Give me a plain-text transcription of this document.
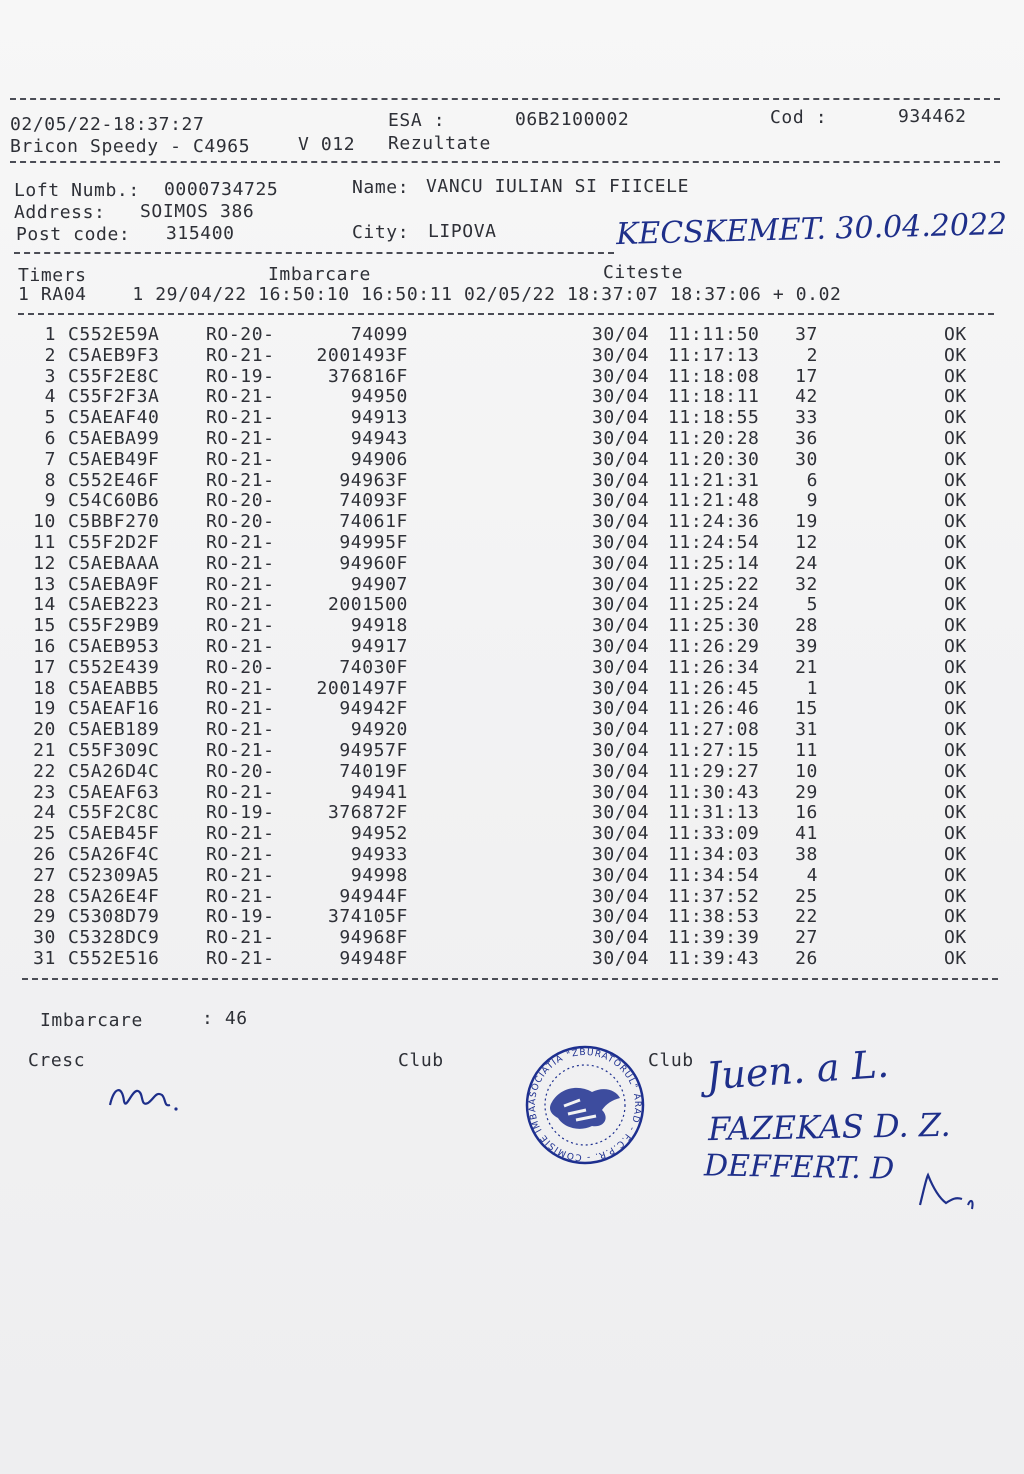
02/05/22-18:37:27	ESA :	06B2100002	Cod :	934462
Bricon Speedy - C4965	V 012 Rezultate
Loft Numb.: 0000734725	Name: VANCU IULIAN SI FIICELE
Address: SOIMOS 386
Post code: 315400	City: LIPOVA	KECSKEMET. 30.04.2022
Timers	Imbarcare	Citeste
1 RA04    1 29/04/22 16:50:10 16:50:11 02/05/22 18:37:07 18:37:06 + 0.02
1 C552E59A	RO-20-	74099	30/04 11:11:50	37	OK
2 C5AEB9F3	RO-21-	2001493F	30/04 11:17:13	2	OK
3 C55F2E8C	RO-19-	376816F	30/04 11:18:08	17	OK
4 C55F2F3A	RO-21-	94950	30/04 11:18:11	42	OK
5 C5AEAF40	RO-21-	94913	30/04 11:18:55	33	OK
6 C5AEBA99	RO-21-	94943	30/04 11:20:28	36	OK
7 C5AEB49F	RO-21-	94906	30/04 11:20:30	30	OK
8 C552E46F	RO-21-	94963F	30/04 11:21:31	6	OK
9 C54C60B6	RO-20-	74093F	30/04 11:21:48	9	OK
10 C5BBF270	RO-20-	74061F	30/04 11:24:36	19	OK
11 C55F2D2F	RO-21-	94995F	30/04 11:24:54	12	OK
12 C5AEBAAA	RO-21-	94960F	30/04 11:25:14	24	OK
13 C5AEBA9F	RO-21-	94907	30/04 11:25:22	32	OK
14 C5AEB223	RO-21-	2001500	30/04 11:25:24	5	OK
15 C55F29B9	RO-21-	94918	30/04 11:25:30	28	OK
16 C5AEB953	RO-21-	94917	30/04 11:26:29	39	OK
17 C552E439	RO-20-	74030F	30/04 11:26:34	21	OK
18 C5AEABB5	RO-21-	2001497F	30/04 11:26:45	1	OK
19 C5AEAF16	RO-21-	94942F	30/04 11:26:46	15	OK
20 C5AEB189	RO-21-	94920	30/04 11:27:08	31	OK
21 C55F309C	RO-21-	94957F	30/04 11:27:15	11	OK
22 C5A26D4C	RO-20-	74019F	30/04 11:29:27	10	OK
23 C5AEAF63	RO-21-	94941	30/04 11:30:43	29	OK
24 C55F2C8C	RO-19-	376872F	30/04 11:31:13	16	OK
25 C5AEB45F	RO-21-	94952	30/04 11:33:09	41	OK
26 C5A26F4C	RO-21-	94933	30/04 11:34:03	38	OK
27 C52309A5	RO-21-	94998	30/04 11:34:54	4	OK
28 C5A26E4F	RO-21-	94944F	30/04 11:37:52	25	OK
29 C5308D79	RO-19-	374105F	30/04 11:38:53	22	OK
30 C5328DC9	RO-21-	94968F	30/04 11:39:39	27	OK
31 C552E516	RO-21-	94948F	30/04 11:39:43	26	OK
Imbarcare	: 46
Cresc

	Club	Club
ASOCIATIA "ZBURATORUL" ARAD - F.C.P.R. - COMISIE IMBA
Juen. a L.
FAZEKAS D. Z.
DEFFERT. D
